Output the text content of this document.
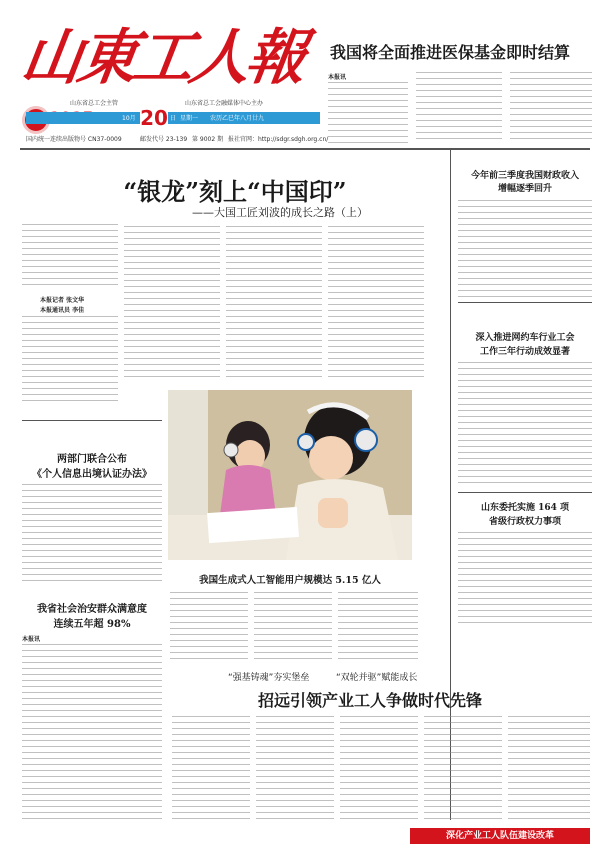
山東工人報
山东省总工会主管	山东省总工会融媒体中心主办
10月 20 日 星期一 农历乙巳年八月廿九
国内统一连续出版物号 CN37-0009	邮发代号 23-139 第 9002 期 报社官网：http://sdgr.sdgh.org.cn/
我国将全面推进医保基金即时结算
本报讯
“银龙”刻上“中国印”
——大国工匠刘波的成长之路（上）
本报记者 张文华
本报通讯员 李佳
今年前三季度我国财政收入
增幅逐季回升
深入推进网约车行业工会
工作三年行动成效显著
山东委托实施 164 项
省级行政权力事项
两部门联合公布
《个人信息出境认证办法》
我省社会治安群众满意度
连续五年超 98%
本报讯
我国生成式人工智能用户规模达 5.15 亿人
“强基铸魂”夯实堡垒	“双轮并驱”赋能成长
招远引领产业工人争做时代先锋
深化产业工人队伍建设改革
